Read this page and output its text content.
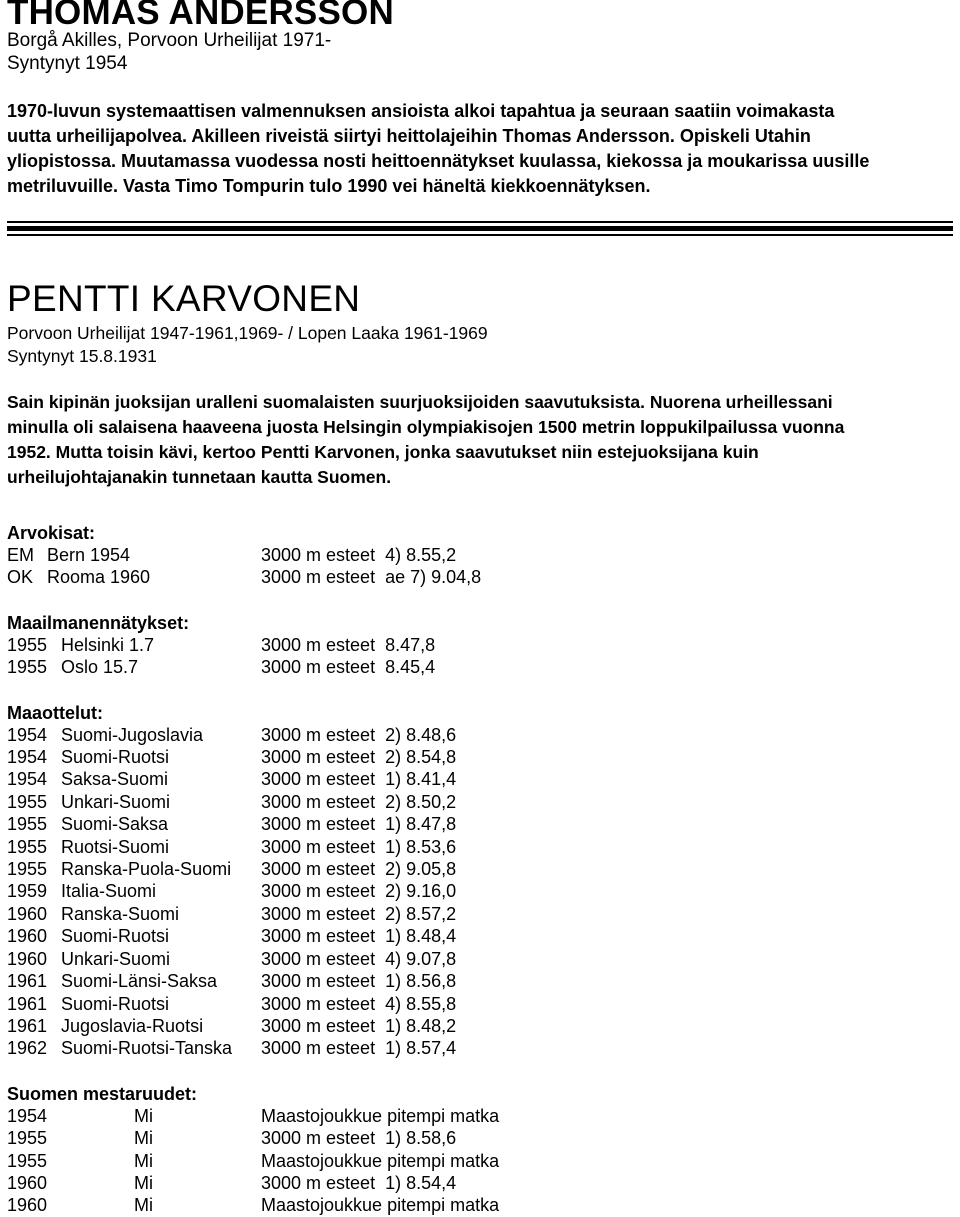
THOMAS ANDERSSON
Borgå Akilles, Porvoon Urheilijat 1971-
Syntynyt 1954
1970-luvun systemaattisen valmennuksen ansioista alkoi tapahtua ja seuraan saatiin voimakasta
uutta urheilijapolvea. Akilleen riveistä siirtyi heittolajeihin Thomas Andersson. Opiskeli Utahin
yliopistossa. Muutamassa vuodessa nosti heittoennätykset kuulassa, kiekossa ja moukarissa uusille
metriluvuille. Vasta Timo Tompurin tulo 1990 vei häneltä kiekkoennätyksen.
PENTTI KARVONEN
Porvoon Urheilijat 1947-1961,1969- / Lopen Laaka 1961-1969
Syntynyt 15.8.1931
Sain kipinän juoksijan uralleni suomalaisten suurjuoksijoiden saavutuksista. Nuorena urheillessani
minulla oli salaisena haaveena juosta Helsingin olympiakisojen 1500 metrin loppukilpailussa vuonna
1952. Mutta toisin kävi, kertoo Pentti Karvonen, jonka saavutukset niin estejuoksijana kuin
urheilujohtajanakin tunnetaan kautta Suomen.
Arvokisat:
EM Bern 1954	3000 m esteet  4) 8.55,2
OK Rooma 1960	3000 m esteet  ae 7) 9.04,8
Maailmanennätykset:
1955 Helsinki 1.7	3000 m esteet  8.47,8
1955 Oslo 15.7	3000 m esteet  8.45,4
Maaottelut:
1954 Suomi-Jugoslavia	3000 m esteet  2) 8.48,6
1954 Suomi-Ruotsi	3000 m esteet  2) 8.54,8
1954 Saksa-Suomi	3000 m esteet  1) 8.41,4
1955 Unkari-Suomi	3000 m esteet  2) 8.50,2
1955 Suomi-Saksa	3000 m esteet  1) 8.47,8
1955 Ruotsi-Suomi	3000 m esteet  1) 8.53,6
1955 Ranska-Puola-Suomi	3000 m esteet  2) 9.05,8
1959 Italia-Suomi	3000 m esteet  2) 9.16,0
1960 Ranska-Suomi	3000 m esteet  2) 8.57,2
1960 Suomi-Ruotsi	3000 m esteet  1) 8.48,4
1960 Unkari-Suomi	3000 m esteet  4) 9.07,8
1961 Suomi-Länsi-Saksa	3000 m esteet  1) 8.56,8
1961 Suomi-Ruotsi	3000 m esteet  4) 8.55,8
1961 Jugoslavia-Ruotsi	3000 m esteet  1) 8.48,2
1962 Suomi-Ruotsi-Tanska	3000 m esteet  1) 8.57,4
Suomen mestaruudet:
1954	Mi	Maastojoukkue pitempi matka
1955	Mi	3000 m esteet  1) 8.58,6
1955	Mi	Maastojoukkue pitempi matka
1960	Mi	3000 m esteet  1) 8.54,4
1960	Mi	Maastojoukkue pitempi matka
